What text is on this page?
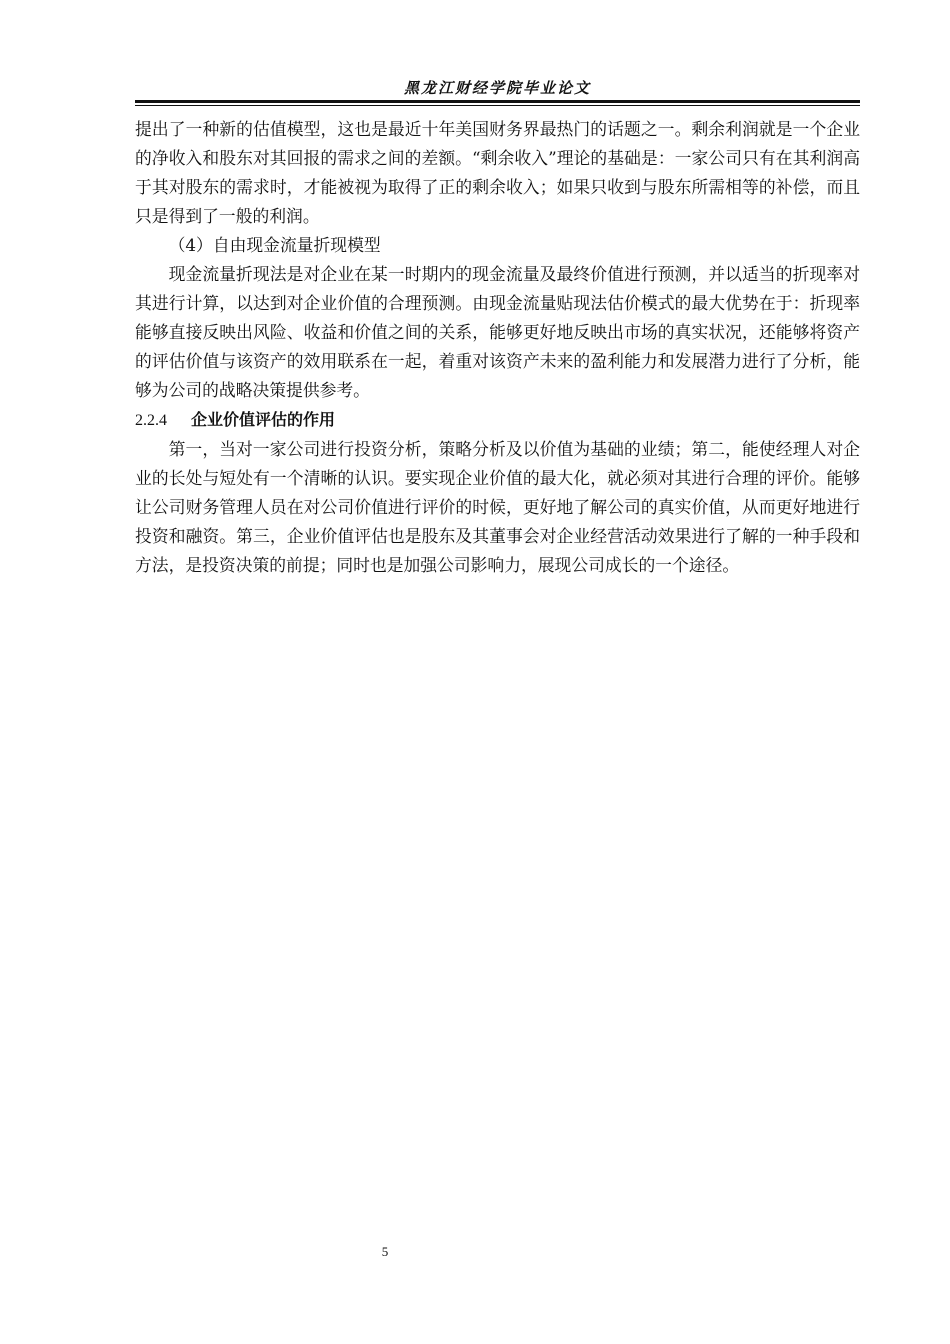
黑龙江财经学院毕业论文

提出了一种新的估值模型，这也是最近十年美国财务界最热门的话题之一。剩余利润就是一个企业的净收入和股东对其回报的需求之间的差额。“剩余收入”理论的基础是：一家公司只有在其利润高于其对股东的需求时，才能被视为取得了正的剩余收入；如果只收到与股东所需相等的补偿，而且只是得到了一般的利润。

（4）自由现金流量折现模型

现金流量折现法是对企业在某一时期内的现金流量及最终价值进行预测，并以适当的折现率对其进行计算，以达到对企业价值的合理预测。由现金流量贴现法估价模式的最大优势在于：折现率能够直接反映出风险、收益和价值之间的关系，能够更好地反映出市场的真实状况，还能够将资产的评估价值与该资产的效用联系在一起，着重对该资产未来的盈利能力和发展潜力进行了分析，能够为公司的战略决策提供参考。

2.2.4 企业价值评估的作用

第一，当对一家公司进行投资分析，策略分析及以价值为基础的业绩；第二，能使经理人对企业的长处与短处有一个清晰的认识。要实现企业价值的最大化，就必须对其进行合理的评价。能够让公司财务管理人员在对公司价值进行评价的时候，更好地了解公司的真实价值，从而更好地进行投资和融资。第三，企业价值评估也是股东及其董事会对企业经营活动效果进行了解的一种手段和方法，是投资决策的前提；同时也是加强公司影响力，展现公司成长的一个途径。

5
